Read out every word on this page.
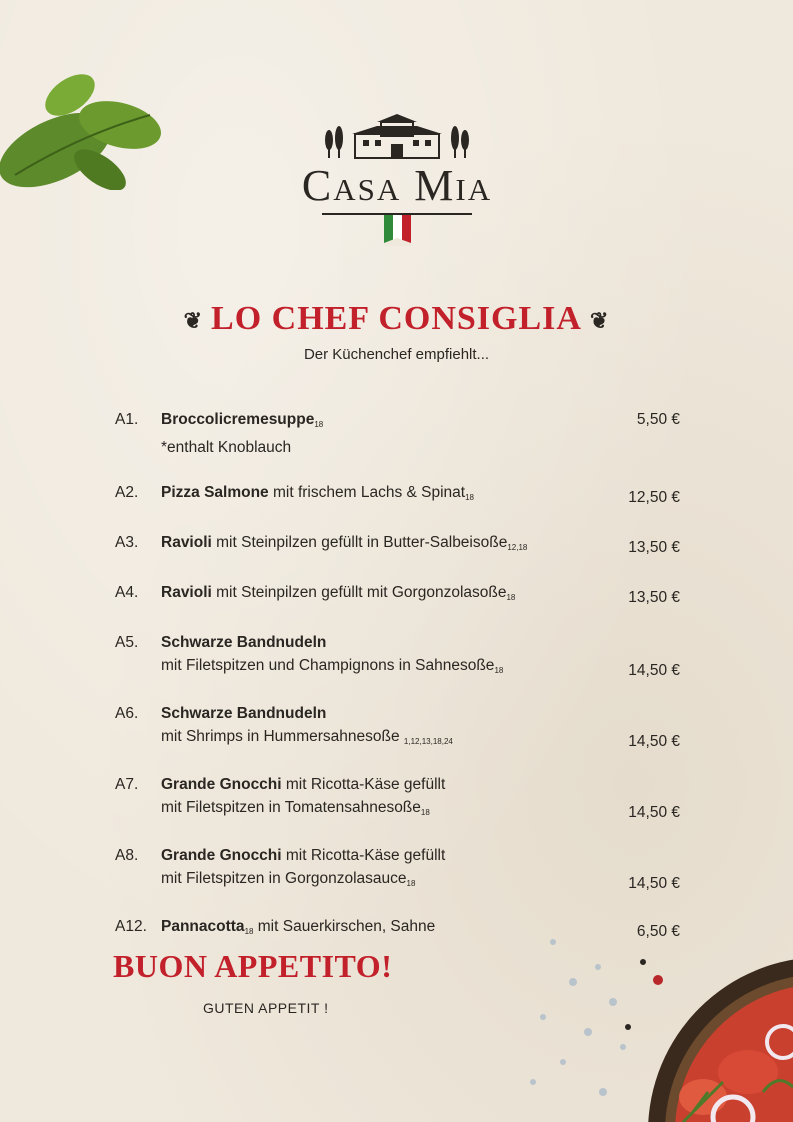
Casa Mia
❦ LO CHEF CONSIGLIA ❦
Der Küchenchef empfiehlt...
A1.	Broccolicremesuppe$_{18}$
*enthalt Knoblauch
5,50 €
A2.	Pizza Salmone mit frischem Lachs & Spinat$_{18}$	12,50 €
A3.	Ravioli mit Steinpilzen gefüllt in Butter-Salbeisoße$_{12,18}$	13,50 €
A4.	Ravioli mit Steinpilzen gefüllt mit Gorgonzolasoße$_{18}$	13,50 €
A5.	Schwarze Bandnudeln
mit Filetspitzen und Champignons in Sahnesoße$_{18}$	14,50 €
A6.	Schwarze Bandnudeln
mit Shrimps in Hummersahnesoße $_{1,12,13,18,24}$	14,50 €
A7.	Grande Gnocchi mit Ricotta-Käse gefüllt
mit Filetspitzen in Tomatensahnesoße$_{18}$	14,50 €
A8.	Grande Gnocchi mit Ricotta-Käse gefüllt
mit Filetspitzen in Gorgonzolasauce$_{18}$	14,50 €
A12. Pannacotta$_{18}$ mit Sauerkirschen, Sahne	6,50 €
BUON APPETITO!
GUTEN APPETIT !
